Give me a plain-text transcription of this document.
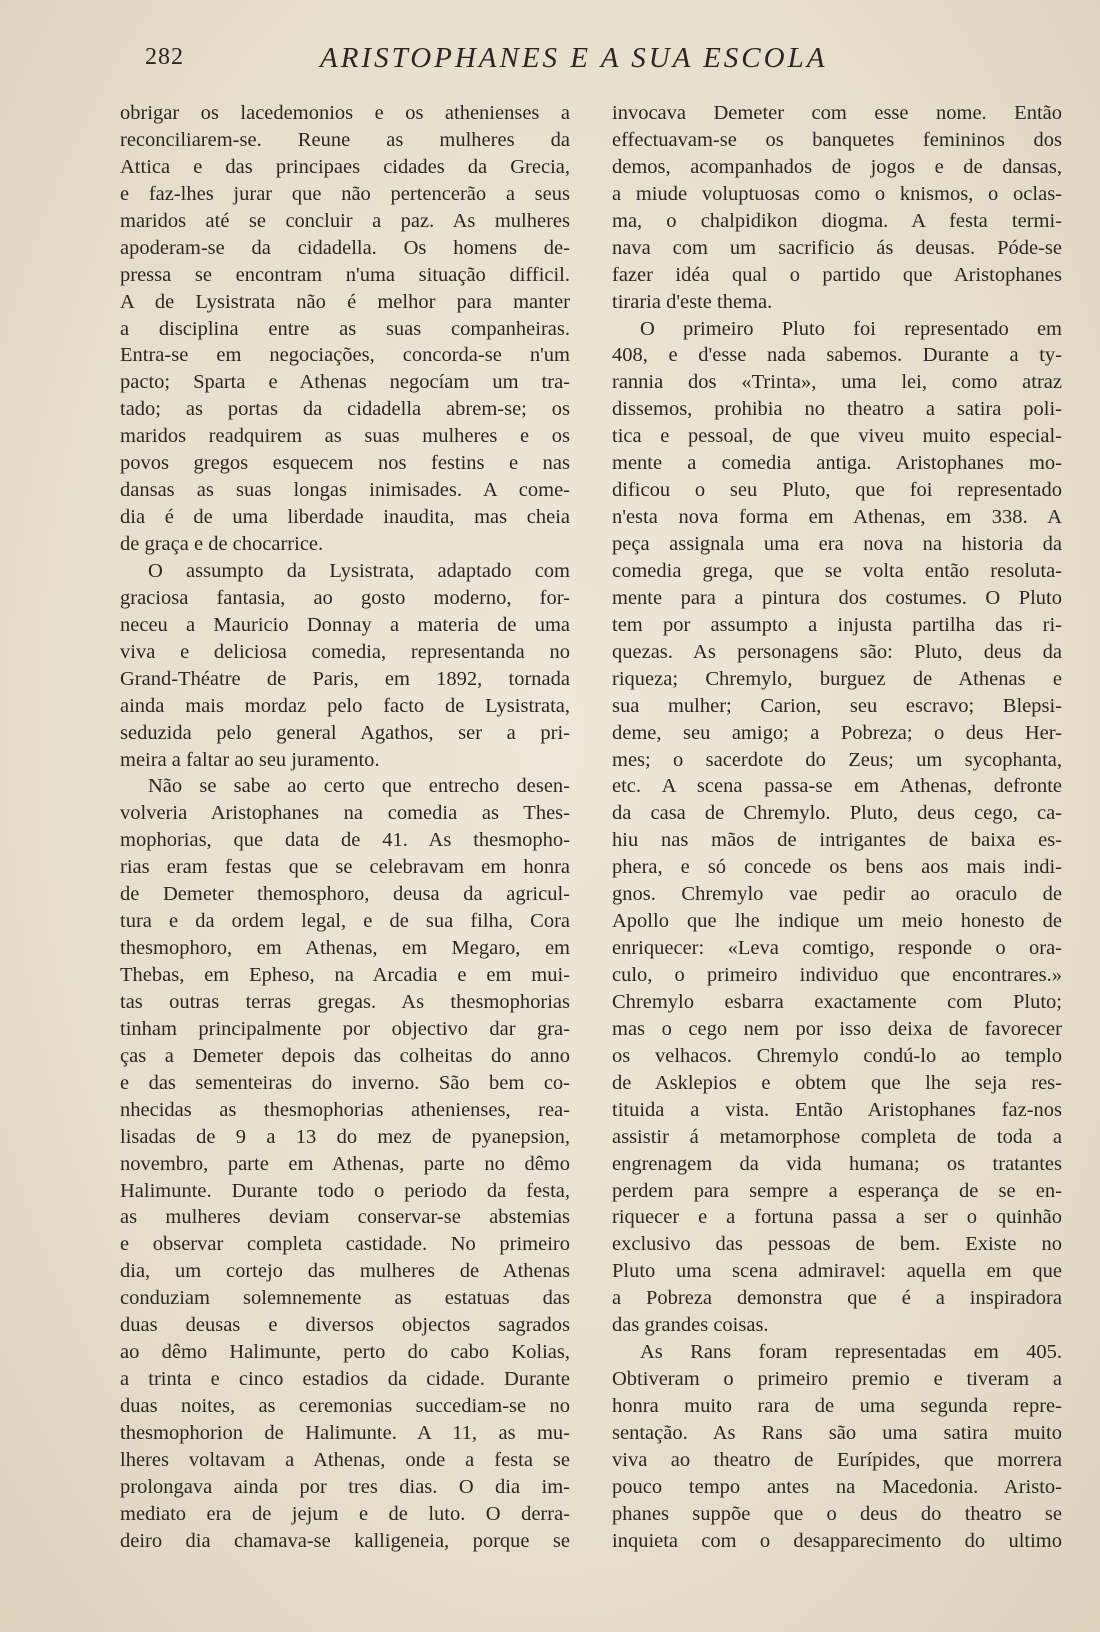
282	ARISTOPHANES E A SUA ESCOLA
obrigar os lacedemonios e os athenienses a
reconciliarem-se. Reune as mulheres da
Attica e das principaes cidades da Grecia,
e faz-lhes jurar que não pertencerão a seus
maridos até se concluir a paz. As mulheres
apoderam-se da cidadella. Os homens de-
pressa se encontram n'uma situação difficil.
A de Lysistrata não é melhor para manter
a disciplina entre as suas companheiras.
Entra-se em negociações, concorda-se n'um
pacto; Sparta e Athenas negocíam um tra-
tado; as portas da cidadella abrem-se; os
maridos readquirem as suas mulheres e os
povos gregos esquecem nos festins e nas
dansas as suas longas inimisades. A come-
dia é de uma liberdade inaudita, mas cheia
de graça e de chocarrice.
O assumpto da Lysistrata, adaptado com
graciosa fantasia, ao gosto moderno, for-
neceu a Mauricio Donnay a materia de uma
viva e deliciosa comedia, representanda no
Grand-Théatre de Paris, em 1892, tornada
ainda mais mordaz pelo facto de Lysistrata,
seduzida pelo general Agathos, ser a pri-
meira a faltar ao seu juramento.
Não se sabe ao certo que entrecho desen-
volveria Aristophanes na comedia as Thes-
mophorias, que data de 41. As thesmopho-
rias eram festas que se celebravam em honra
de Demeter themosphoro, deusa da agricul-
tura e da ordem legal, e de sua filha, Cora
thesmophoro, em Athenas, em Megaro, em
Thebas, em Epheso, na Arcadia e em mui-
tas outras terras gregas. As thesmophorias
tinham principalmente por objectivo dar gra-
ças a Demeter depois das colheitas do anno
e das sementeiras do inverno. São bem co-
nhecidas as thesmophorias athenienses, rea-
lisadas de 9 a 13 do mez de pyanepsion,
novembro, parte em Athenas, parte no dêmo
Halimunte. Durante todo o periodo da festa,
as mulheres deviam conservar-se abstemias
e observar completa castidade. No primeiro
dia, um cortejo das mulheres de Athenas
conduziam solemnemente as estatuas das
duas deusas e diversos objectos sagrados
ao dêmo Halimunte, perto do cabo Kolias,
a trinta e cinco estadios da cidade. Durante
duas noites, as ceremonias succediam-se no
thesmophorion de Halimunte. A 11, as mu-
lheres voltavam a Athenas, onde a festa se
prolongava ainda por tres dias. O dia im-
mediato era de jejum e de luto. O derra-
deiro dia chamava-se kalligeneia, porque se
invocava Demeter com esse nome. Então
effectuavam-se os banquetes femininos dos
demos, acompanhados de jogos e de dansas,
a miude voluptuosas como o knismos, o oclas-
ma, o chalpidikon diogma. A festa termi-
nava com um sacrificio ás deusas. Póde-se
fazer idéa qual o partido que Aristophanes
tiraria d'este thema.
O primeiro Pluto foi representado em
408, e d'esse nada sabemos. Durante a ty-
rannia dos «Trinta», uma lei, como atraz
dissemos, prohibia no theatro a satira poli-
tica e pessoal, de que viveu muito especial-
mente a comedia antiga. Aristophanes mo-
dificou o seu Pluto, que foi representado
n'esta nova forma em Athenas, em 338. A
peça assignala uma era nova na historia da
comedia grega, que se volta então resoluta-
mente para a pintura dos costumes. O Pluto
tem por assumpto a injusta partilha das ri-
quezas. As personagens são: Pluto, deus da
riqueza; Chremylo, burguez de Athenas e
sua mulher; Carion, seu escravo; Blepsi-
deme, seu amigo; a Pobreza; o deus Her-
mes; o sacerdote do Zeus; um sycophanta,
etc. A scena passa-se em Athenas, defronte
da casa de Chremylo. Pluto, deus cego, ca-
hiu nas mãos de intrigantes de baixa es-
phera, e só concede os bens aos mais indi-
gnos. Chremylo vae pedir ao oraculo de
Apollo que lhe indique um meio honesto de
enriquecer: «Leva comtigo, responde o ora-
culo, o primeiro individuo que encontrares.»
Chremylo esbarra exactamente com Pluto;
mas o cego nem por isso deixa de favorecer
os velhacos. Chremylo condú-lo ao templo
de Asklepios e obtem que lhe seja res-
tituida a vista. Então Aristophanes faz-nos
assistir á metamorphose completa de toda a
engrenagem da vida humana; os tratantes
perdem para sempre a esperança de se en-
riquecer e a fortuna passa a ser o quinhão
exclusivo das pessoas de bem. Existe no
Pluto uma scena admiravel: aquella em que
a Pobreza demonstra que é a inspiradora
das grandes coisas.
As Rans foram representadas em 405.
Obtiveram o primeiro premio e tiveram a
honra muito rara de uma segunda repre-
sentação. As Rans são uma satira muito
viva ao theatro de Eurípides, que morrera
pouco tempo antes na Macedonia. Aristo-
phanes suppõe que o deus do theatro se
inquieta com o desapparecimento do ultimo
